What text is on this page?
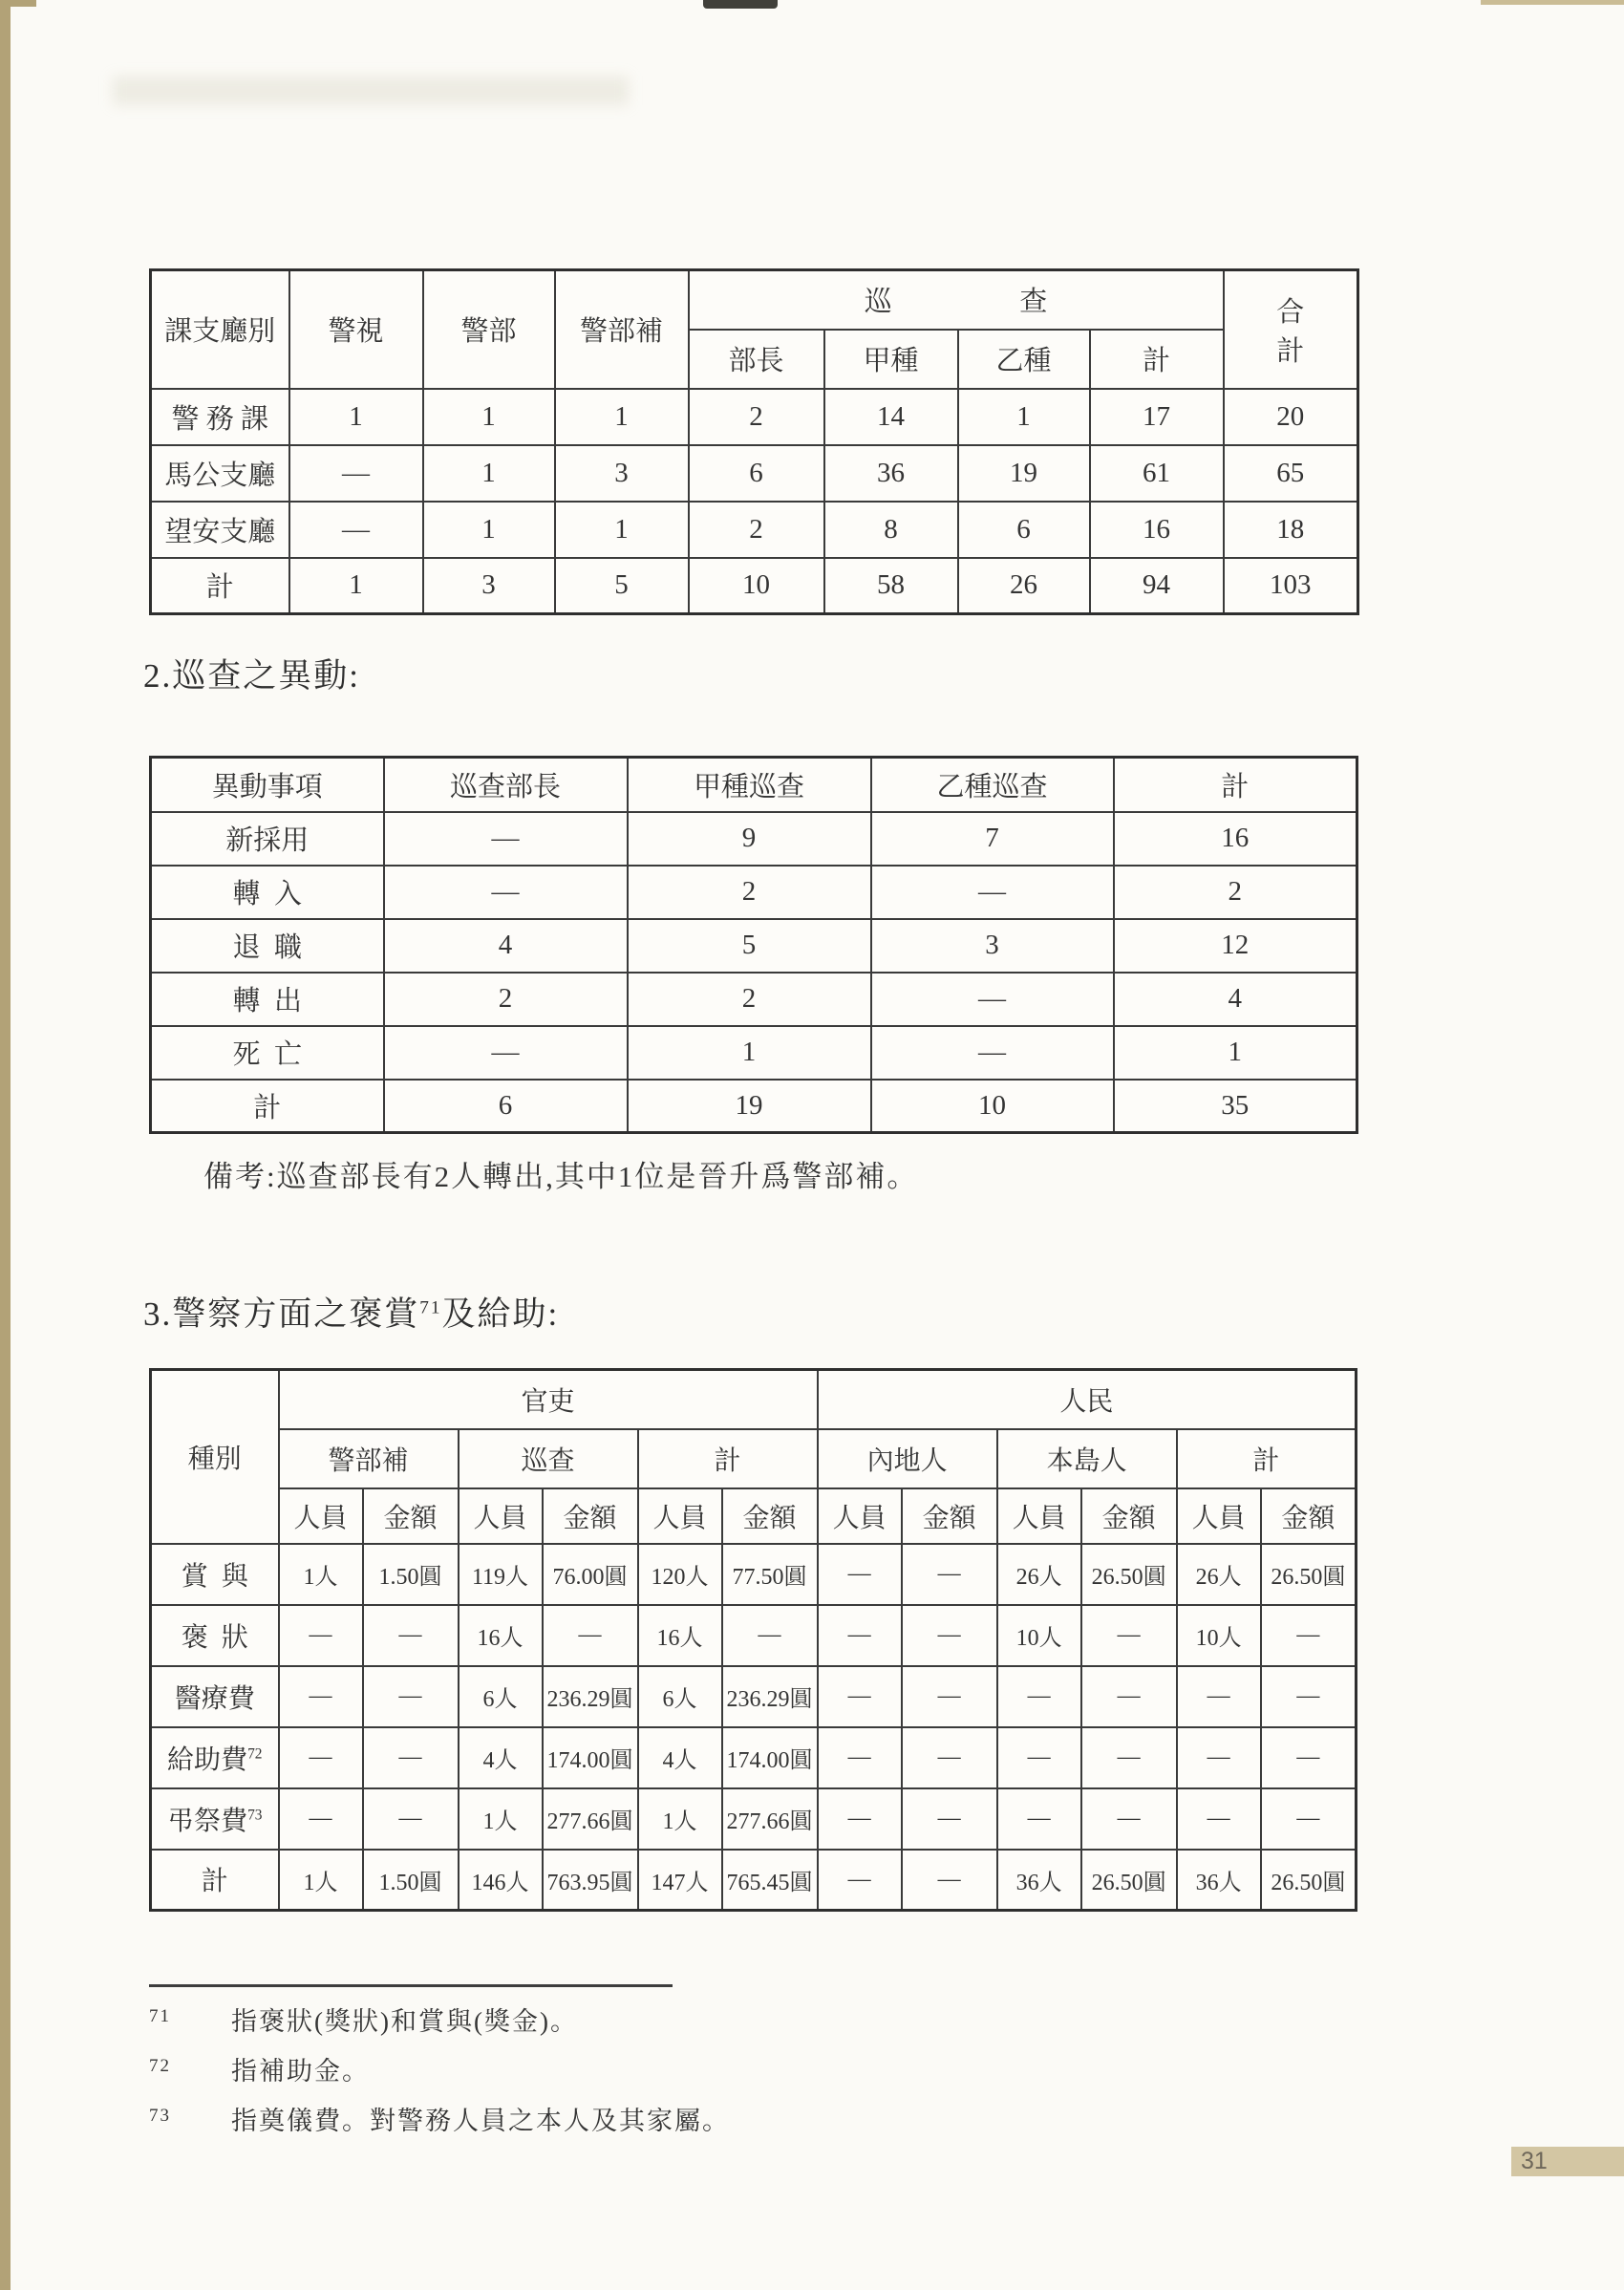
課支廳別	警視	警部	警部補	巡查				合 計
				部長	甲種	乙種	計	
警 務 課	1	1	1	2	14	1	17	20
馬公支廳	—	1	3	6	36	19	61	65
望安支廳	—	1	1	2	8	6	16	18
計	1	3	5	10	58	26	94	103
2.巡查之異動:
異動事項	巡查部長	甲種巡查	乙種巡查	計
新採用	—	9	7	16
轉  入	—	2	—	2
退  職	4	5	3	12
轉  出	2	2	—	4
死  亡	—	1	—	1
計	6	19	10	35
備考:巡查部長有2人轉出,其中1位是晉升爲警部補。
3.警察方面之褒賞$^{71}$及給助:
種別	官吏						人民					
	警部補		巡查		計		內地人		本島人		計	
	人員	金額	人員	金額	人員	金額	人員	金額	人員	金額	人員	金額
賞  與	1人	1.50圓	119人	76.00圓	120人	77.50圓	—	—	26人	26.50圓	26人	26.50圓
褒  狀	—	—	16人	—	16人	—	—	—	10人	—	10人	—
醫療費	—	—	6人	236.29圓	6人	236.29圓	—	—	—	—	—	—
給助費$^{72}$	—	—	4人	174.00圓	4人	174.00圓	—	—	—	—	—	—
弔祭費$^{73}$	—	—	1人	277.66圓	1人	277.66圓	—	—	—	—	—	—
計	1人	1.50圓	146人	763.95圓	147人	765.45圓	—	—	36人	26.50圓	36人	26.50圓
$^{71}$ 指褒狀(獎狀)和賞與(獎金)。
$^{72}$ 指補助金。
$^{73}$ 指奠儀費。對警務人員之本人及其家屬。
31
